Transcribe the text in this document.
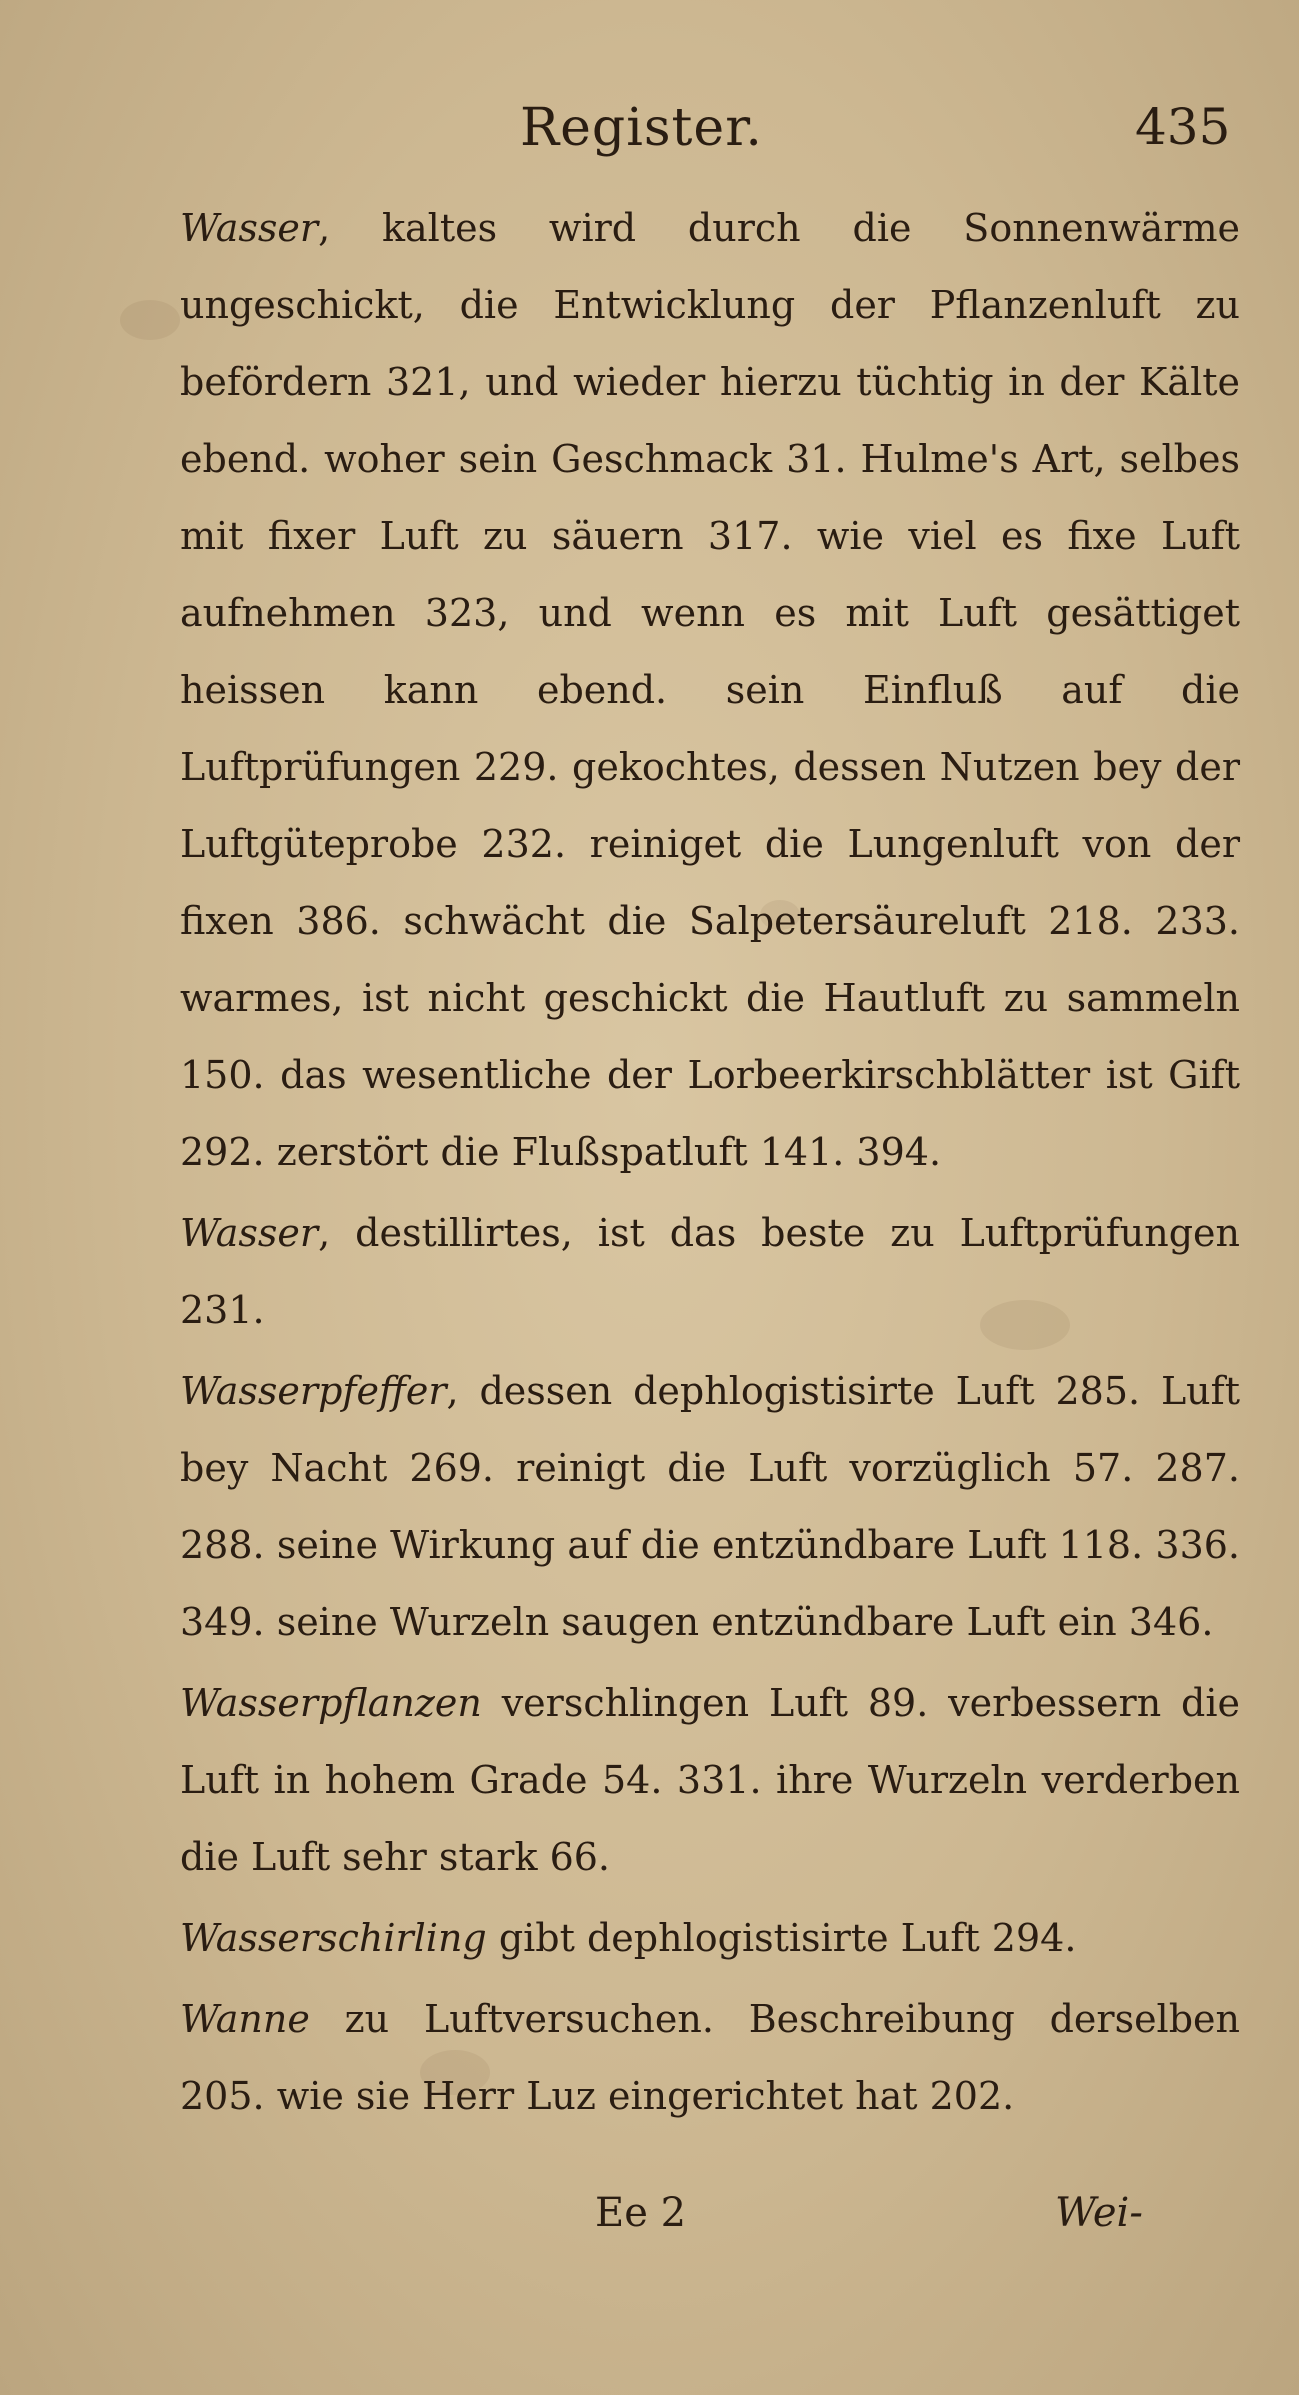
Register.	435

Wasser, kaltes wird durch die Sonnenwärme ungeschickt, die Entwicklung der Pflanzenluft zu befördern 321, und wieder hierzu tüchtig in der Kälte ebend. woher sein Geschmack 31. Hulme's Art, selbes mit fixer Luft zu säuern 317. wie viel es fixe Luft aufnehmen 323, und wenn es mit Luft gesättiget heissen kann ebend. sein Einfluß auf die Luftprüfungen 229. gekochtes, dessen Nutzen bey der Luftgüteprobe 232. reiniget die Lungenluft von der fixen 386. schwächt die Salpetersäureluft 218. 233. warmes, ist nicht geschickt die Hautluft zu sammeln 150. das wesentliche der Lorbeerkirschblätter ist Gift 292. zerstört die Flußspatluft 141. 394.

Wasser, destillirtes, ist das beste zu Luftprüfungen 231.

Wasserpfeffer, dessen dephlogistisirte Luft 285. Luft bey Nacht 269. reinigt die Luft vorzüglich 57. 287. 288. seine Wirkung auf die entzündbare Luft 118. 336. 349. seine Wurzeln saugen entzündbare Luft ein 346.

Wasserpflanzen verschlingen Luft 89. verbessern die Luft in hohem Grade 54. 331. ihre Wurzeln verderben die Luft sehr stark 66.

Wasserschirling gibt dephlogistisirte Luft 294.

Wanne zu Luftversuchen. Beschreibung derselben 205. wie sie Herr Luz eingerichtet hat 202.

Ee 2	Wei-
